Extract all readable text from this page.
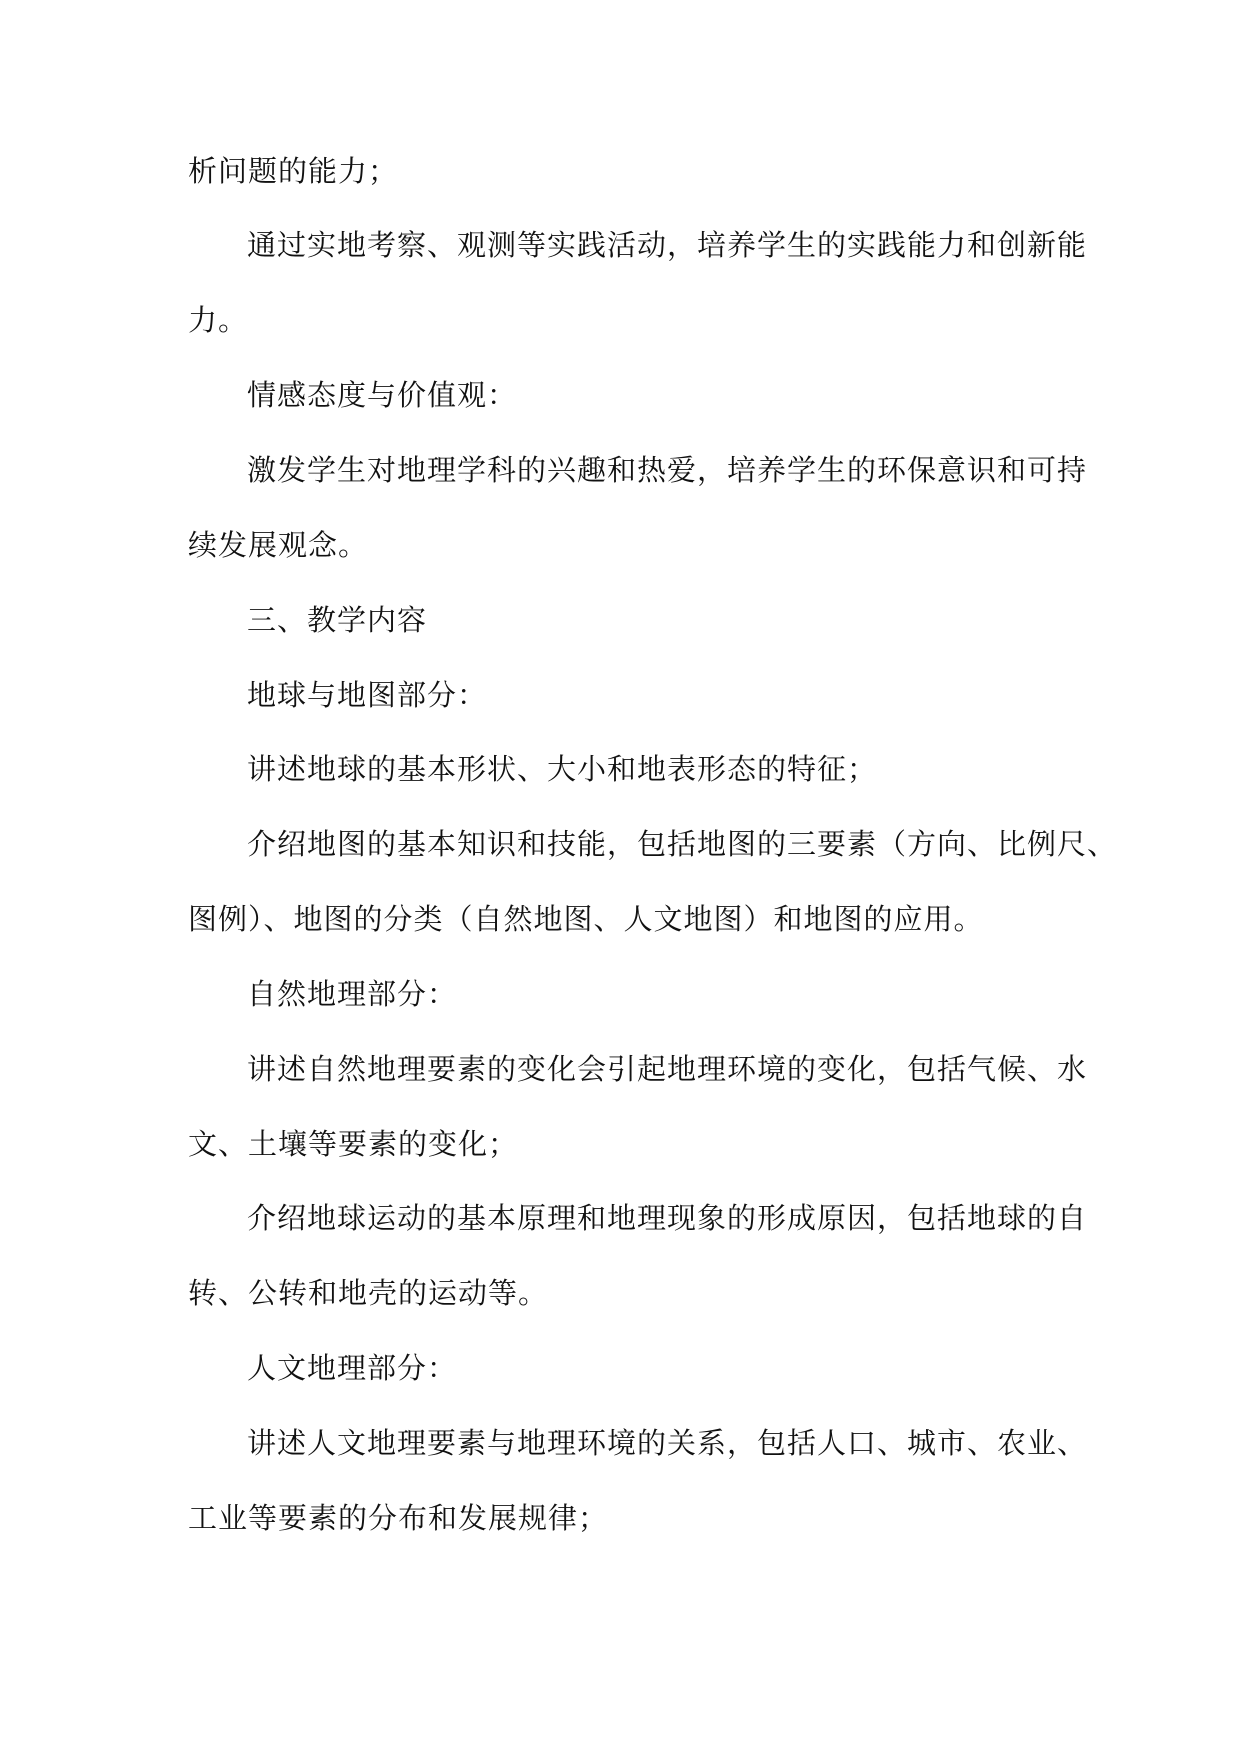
析问题的能力；
通过实地考察、观测等实践活动，培养学生的实践能力和创新能
力。
情感态度与价值观：
激发学生对地理学科的兴趣和热爱，培养学生的环保意识和可持
续发展观念。
三、教学内容
地球与地图部分：
讲述地球的基本形状、大小和地表形态的特征；
介绍地图的基本知识和技能，包括地图的三要素（方向、比例尺、
图例）、地图的分类（自然地图、人文地图）和地图的应用。
自然地理部分：
讲述自然地理要素的变化会引起地理环境的变化，包括气候、水
文、土壤等要素的变化；
介绍地球运动的基本原理和地理现象的形成原因，包括地球的自
转、公转和地壳的运动等。
人文地理部分：
讲述人文地理要素与地理环境的关系，包括人口、城市、农业、
工业等要素的分布和发展规律；
